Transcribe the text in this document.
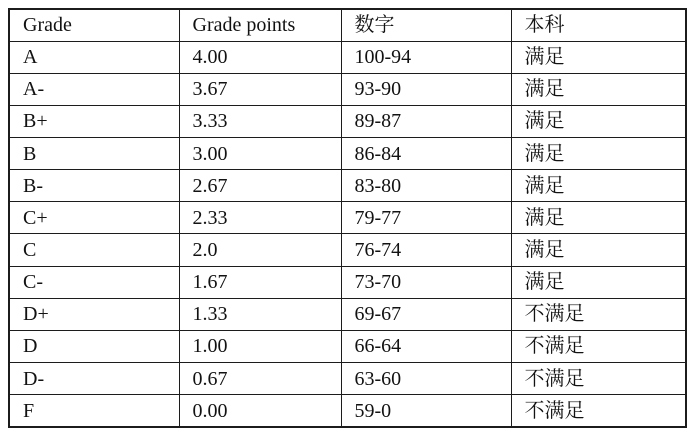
Grade	Grade points	数字	本科
A	4.00	100-94	满足
A-	3.67	93-90	满足
B+	3.33	89-87	满足
B	3.00	86-84	满足
B-	2.67	83-80	满足
C+	2.33	79-77	满足
C	2.0	76-74	满足
C-	1.67	73-70	满足
D+	1.33	69-67	不满足
D	1.00	66-64	不满足
D-	0.67	63-60	不满足
F	0.00	59-0	不满足
